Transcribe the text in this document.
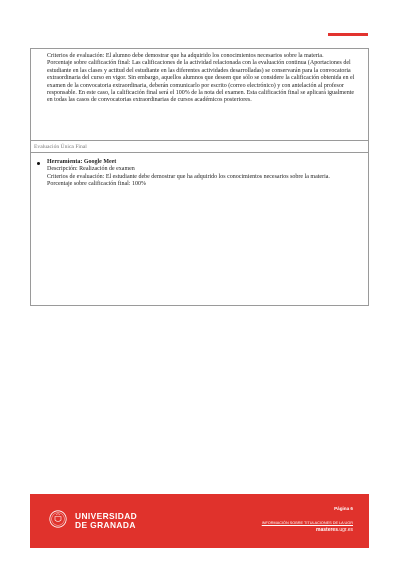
Criterios de evaluación: El alumno debe demostrar que ha adquirido los conocimientos necesarios sobre la materia.

Porcentaje sobre calificación final: Las calificaciones de la actividad relacionada con la evaluación continua (Aportaciones del estudiante en las clases y actitud del estudiante en las diferentes actividades desarrolladas) se conservarán para la convocatoria extraordinaria del curso en vigor. Sin embargo, aquellos alumnos que deseen que sólo se considere la calificación obtenida en el examen de la convocatoria extraordinaria, deberán comunicarlo por escrito (correo electrónico) y con antelación al profesor responsable. En este caso, la calificación final será el 100% de la nota del examen. Esta calificación final se aplicará igualmente en todas las casos de convocatorias extraordinarias de cursos académicos posteriores.

Evaluación Única Final

Herramienta: Google Meet

Descripción: Realización de examen

Criterios de evaluación: El estudiante debe demostrar que ha adquirido los conocimientos necesarios sobre la materia.

Porcentaje sobre calificación final: 100%

UNIVERSIDAD
DE GRANADA
Página 6
INFORMACIÓN SOBRE TITULACIONES DE LA UGR
masteres.ugr.es
